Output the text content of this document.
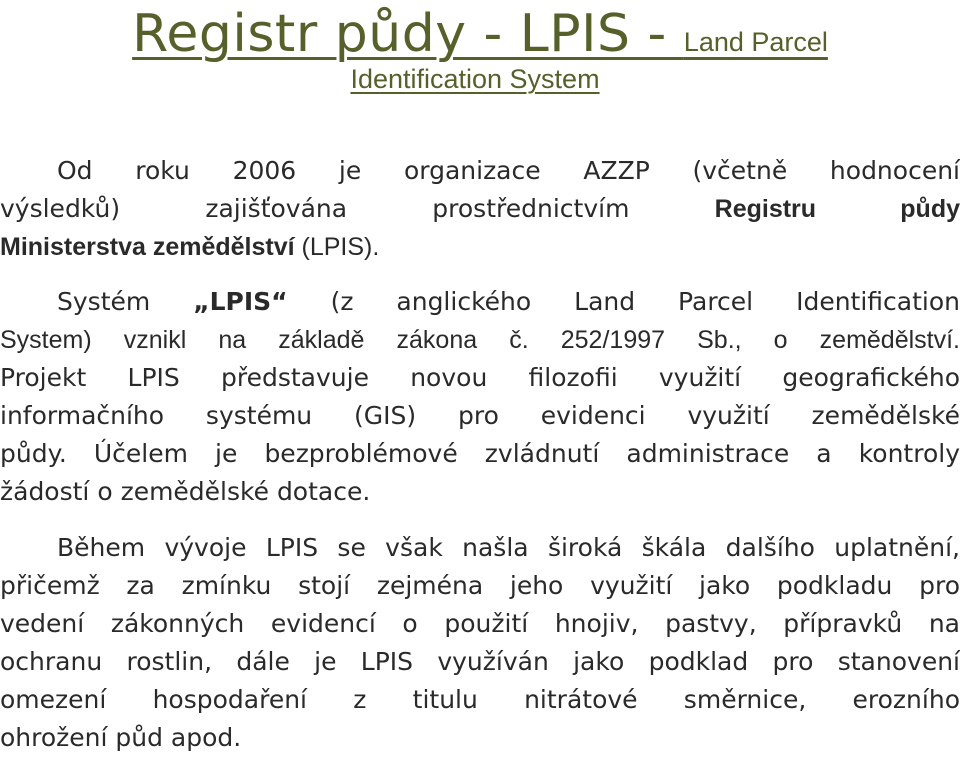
Registr půdy - LPIS - Land Parcel
Identification System
Od roku 2006 je organizace AZZP (včetně hodnocení
výsledků) zajišťována prostřednictvím Registru půdy
Ministerstva zemědělství (LPIS).
Systém „LPIS“ (z anglického Land Parcel Identification
System) vznikl na základě zákona č. 252/1997 Sb., o zemědělství.
Projekt LPIS představuje novou filozofii využití geografického
informačního systému (GIS) pro evidenci využití zemědělské
půdy. Účelem je bezproblémové zvládnutí administrace a kontroly
žádostí o zemědělské dotace.
Během vývoje LPIS se však našla široká škála dalšího uplatnění,
přičemž za zmínku stojí zejména jeho využití jako podkladu pro
vedení zákonných evidencí o použití hnojiv, pastvy, přípravků na
ochranu rostlin, dále je LPIS využíván jako podklad pro stanovení
omezení hospodaření z titulu nitrátové směrnice, erozního
ohrožení půd apod.
